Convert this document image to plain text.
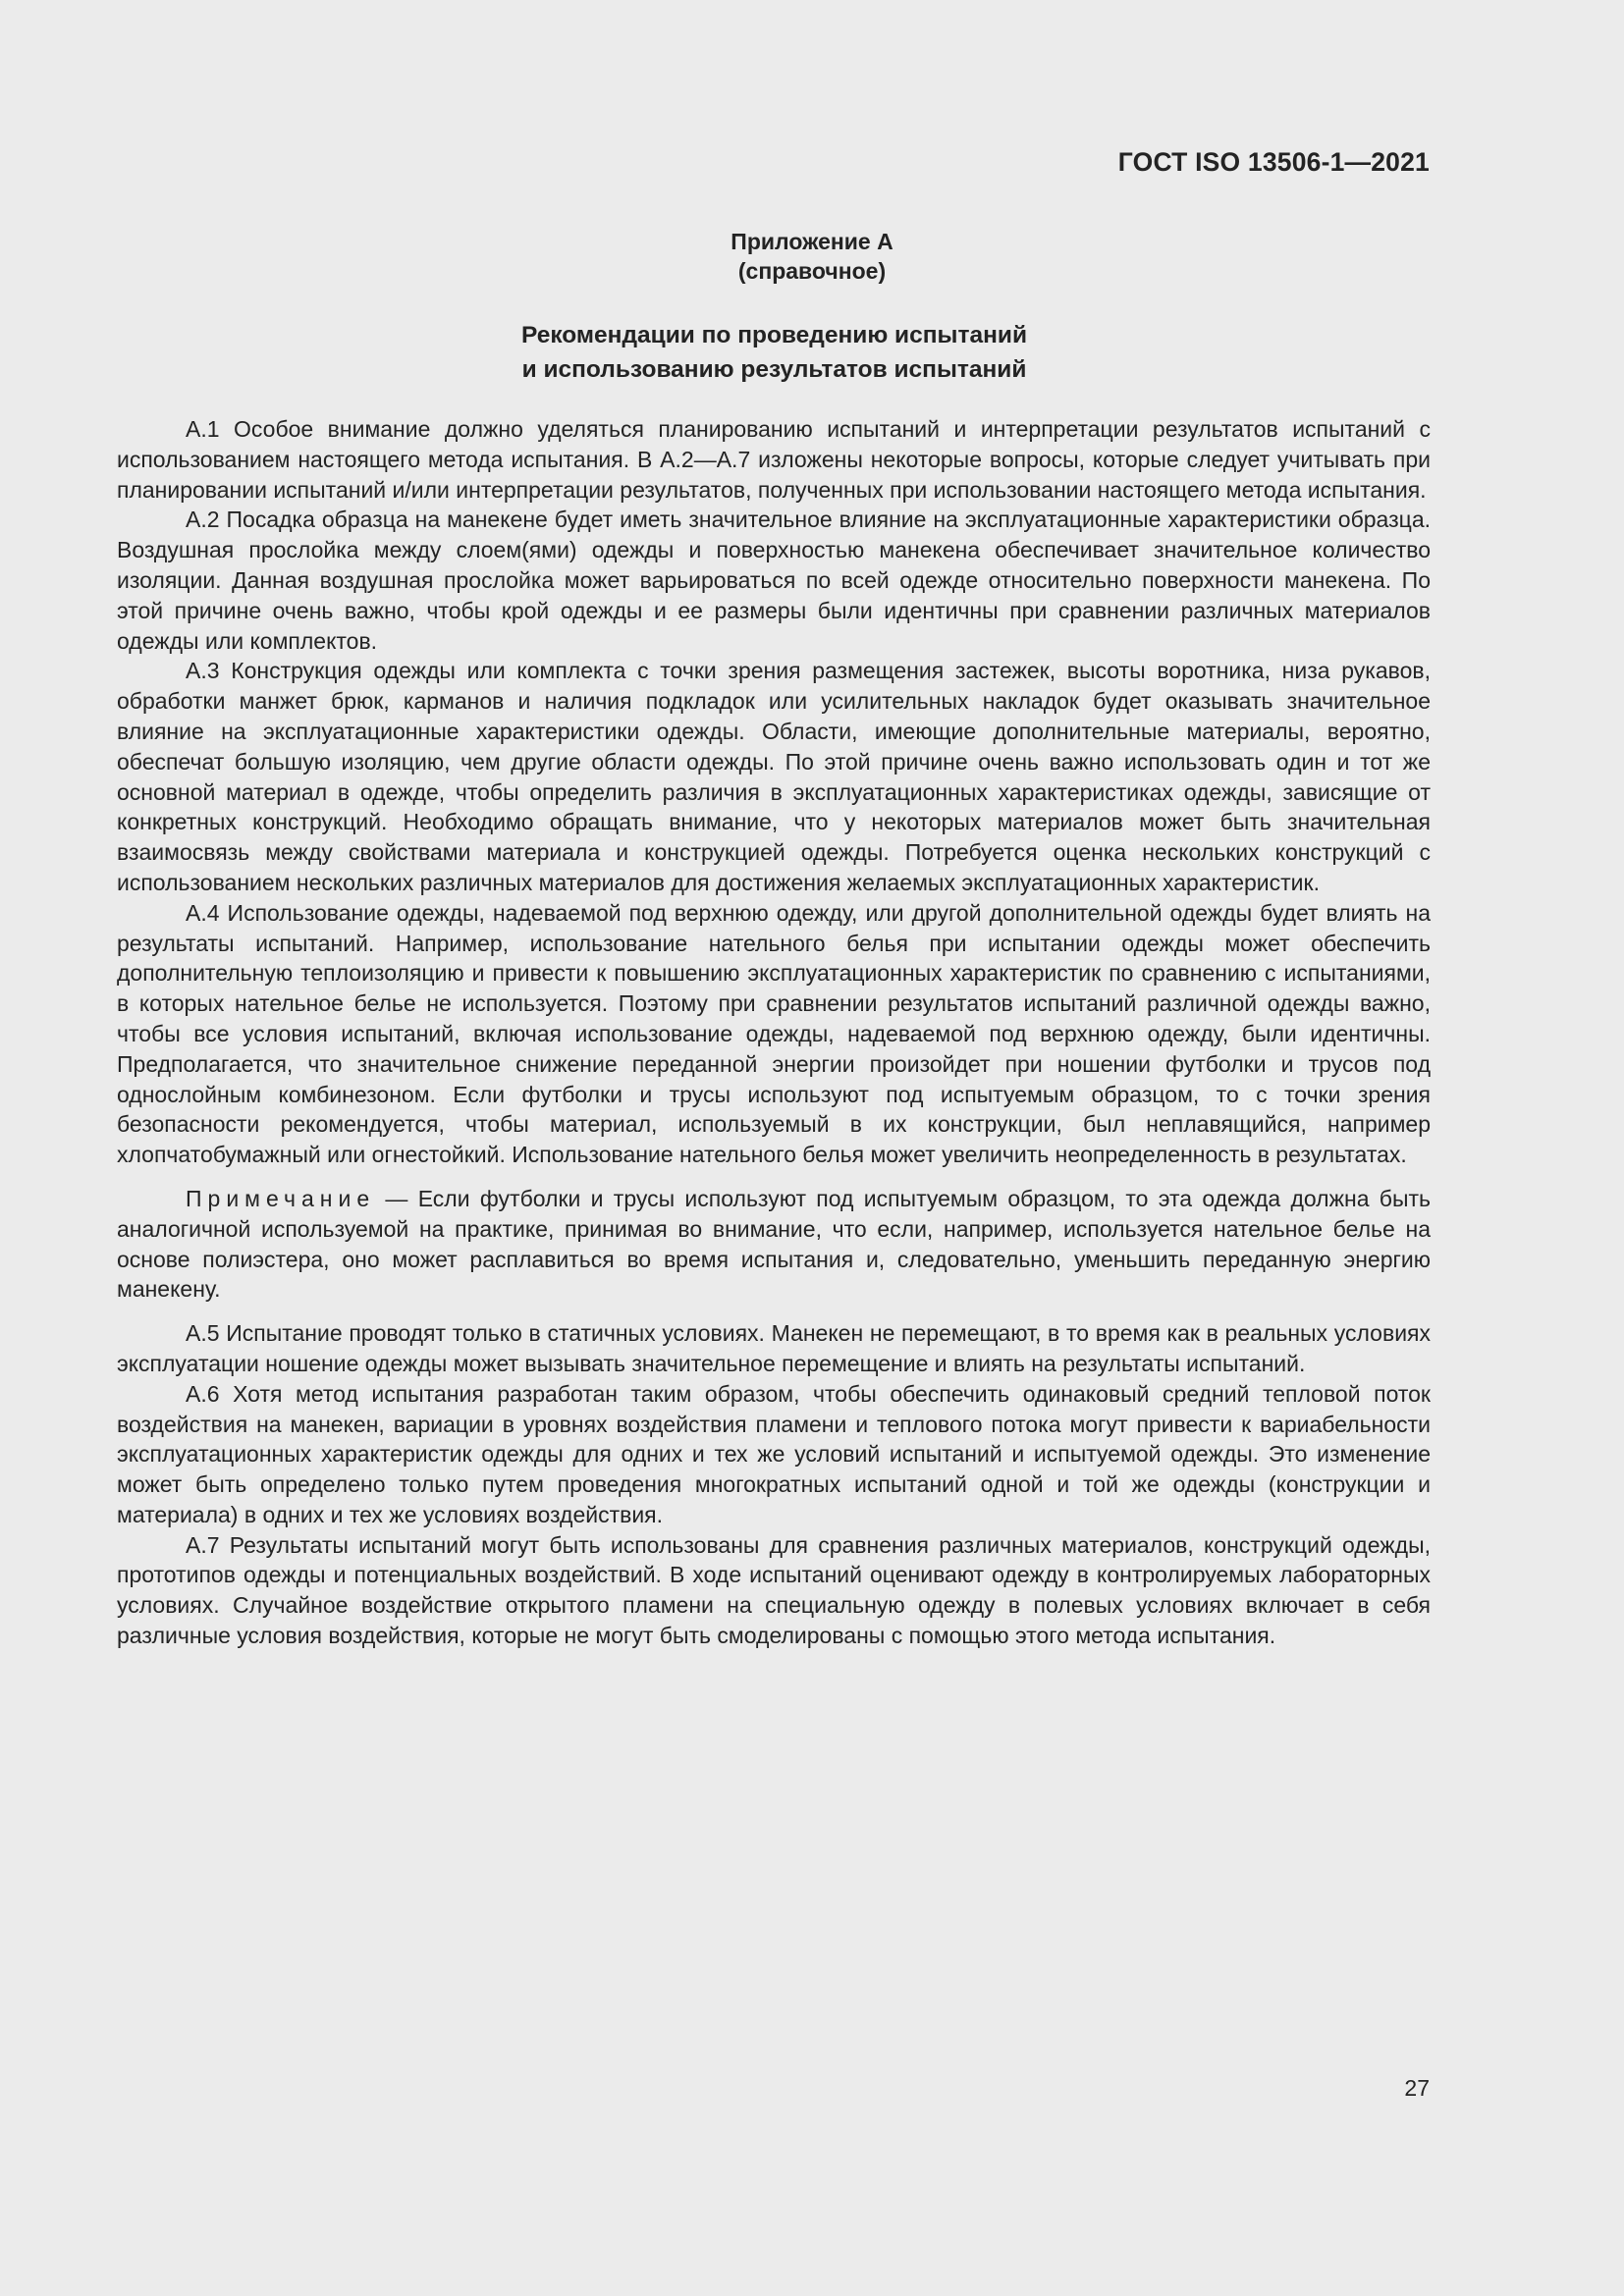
ГОСТ ISO 13506-1—2021
Приложение А
(справочное)
Рекомендации по проведению испытаний
и использованию результатов испытаний

А.1 Особое внимание должно уделяться планированию испытаний и интерпретации результатов испытаний с использованием настоящего метода испытания. В А.2—А.7 изложены некоторые вопросы, которые следует учитывать при планировании испытаний и/или интерпретации результатов, полученных при использовании настоящего метода испытания.

А.2 Посадка образца на манекене будет иметь значительное влияние на эксплуатационные характеристики образца. Воздушная прослойка между слоем(ями) одежды и поверхностью манекена обеспечивает значительное количество изоляции. Данная воздушная прослойка может варьироваться по всей одежде относительно поверхности манекена. По этой причине очень важно, чтобы крой одежды и ее размеры были идентичны при сравнении различных материалов одежды или комплектов.

А.3 Конструкция одежды или комплекта с точки зрения размещения застежек, высоты воротника, низа рукавов, обработки манжет брюк, карманов и наличия подкладок или усилительных накладок будет оказывать значительное влияние на эксплуатационные характеристики одежды. Области, имеющие дополнительные материалы, вероятно, обеспечат большую изоляцию, чем другие области одежды. По этой причине очень важно использовать один и тот же основной материал в одежде, чтобы определить различия в эксплуатационных характеристиках одежды, зависящие от конкретных конструкций. Необходимо обращать внимание, что у некоторых материалов может быть значительная взаимосвязь между свойствами материала и конструкцией одежды. Потребуется оценка нескольких конструкций с использованием нескольких различных материалов для достижения желаемых эксплуатационных характеристик.

А.4 Использование одежды, надеваемой под верхнюю одежду, или другой дополнительной одежды будет влиять на результаты испытаний. Например, использование нательного белья при испытании одежды может обеспечить дополнительную теплоизоляцию и привести к повышению эксплуатационных характеристик по сравнению с испытаниями, в которых нательное белье не используется. Поэтому при сравнении результатов испытаний различной одежды важно, чтобы все условия испытаний, включая использование одежды, надеваемой под верхнюю одежду, были идентичны. Предполагается, что значительное снижение переданной энергии произойдет при ношении футболки и трусов под однослойным комбинезоном. Если футболки и трусы используют под испытуемым образцом, то с точки зрения безопасности рекомендуется, чтобы материал, используемый в их конструкции, был неплавящийся, например хлопчатобумажный или огнестойкий. Использование нательного белья может увеличить неопределенность в результатах.

Примечание — Если футболки и трусы используют под испытуемым образцом, то эта одежда должна быть аналогичной используемой на практике, принимая во внимание, что если, например, используется нательное белье на основе полиэстера, оно может расплавиться во время испытания и, следовательно, уменьшить переданную энергию манекену.

А.5 Испытание проводят только в статичных условиях. Манекен не перемещают, в то время как в реальных условиях эксплуатации ношение одежды может вызывать значительное перемещение и влиять на результаты испытаний.

А.6 Хотя метод испытания разработан таким образом, чтобы обеспечить одинаковый средний тепловой поток воздействия на манекен, вариации в уровнях воздействия пламени и теплового потока могут привести к вариабельности эксплуатационных характеристик одежды для одних и тех же условий испытаний и испытуемой одежды. Это изменение может быть определено только путем проведения многократных испытаний одной и той же одежды (конструкции и материала) в одних и тех же условиях воздействия.

А.7 Результаты испытаний могут быть использованы для сравнения различных материалов, конструкций одежды, прототипов одежды и потенциальных воздействий. В ходе испытаний оценивают одежду в контролируемых лабораторных условиях. Случайное воздействие открытого пламени на специальную одежду в полевых условиях включает в себя различные условия воздействия, которые не могут быть смоделированы с помощью этого метода испытания.

27
